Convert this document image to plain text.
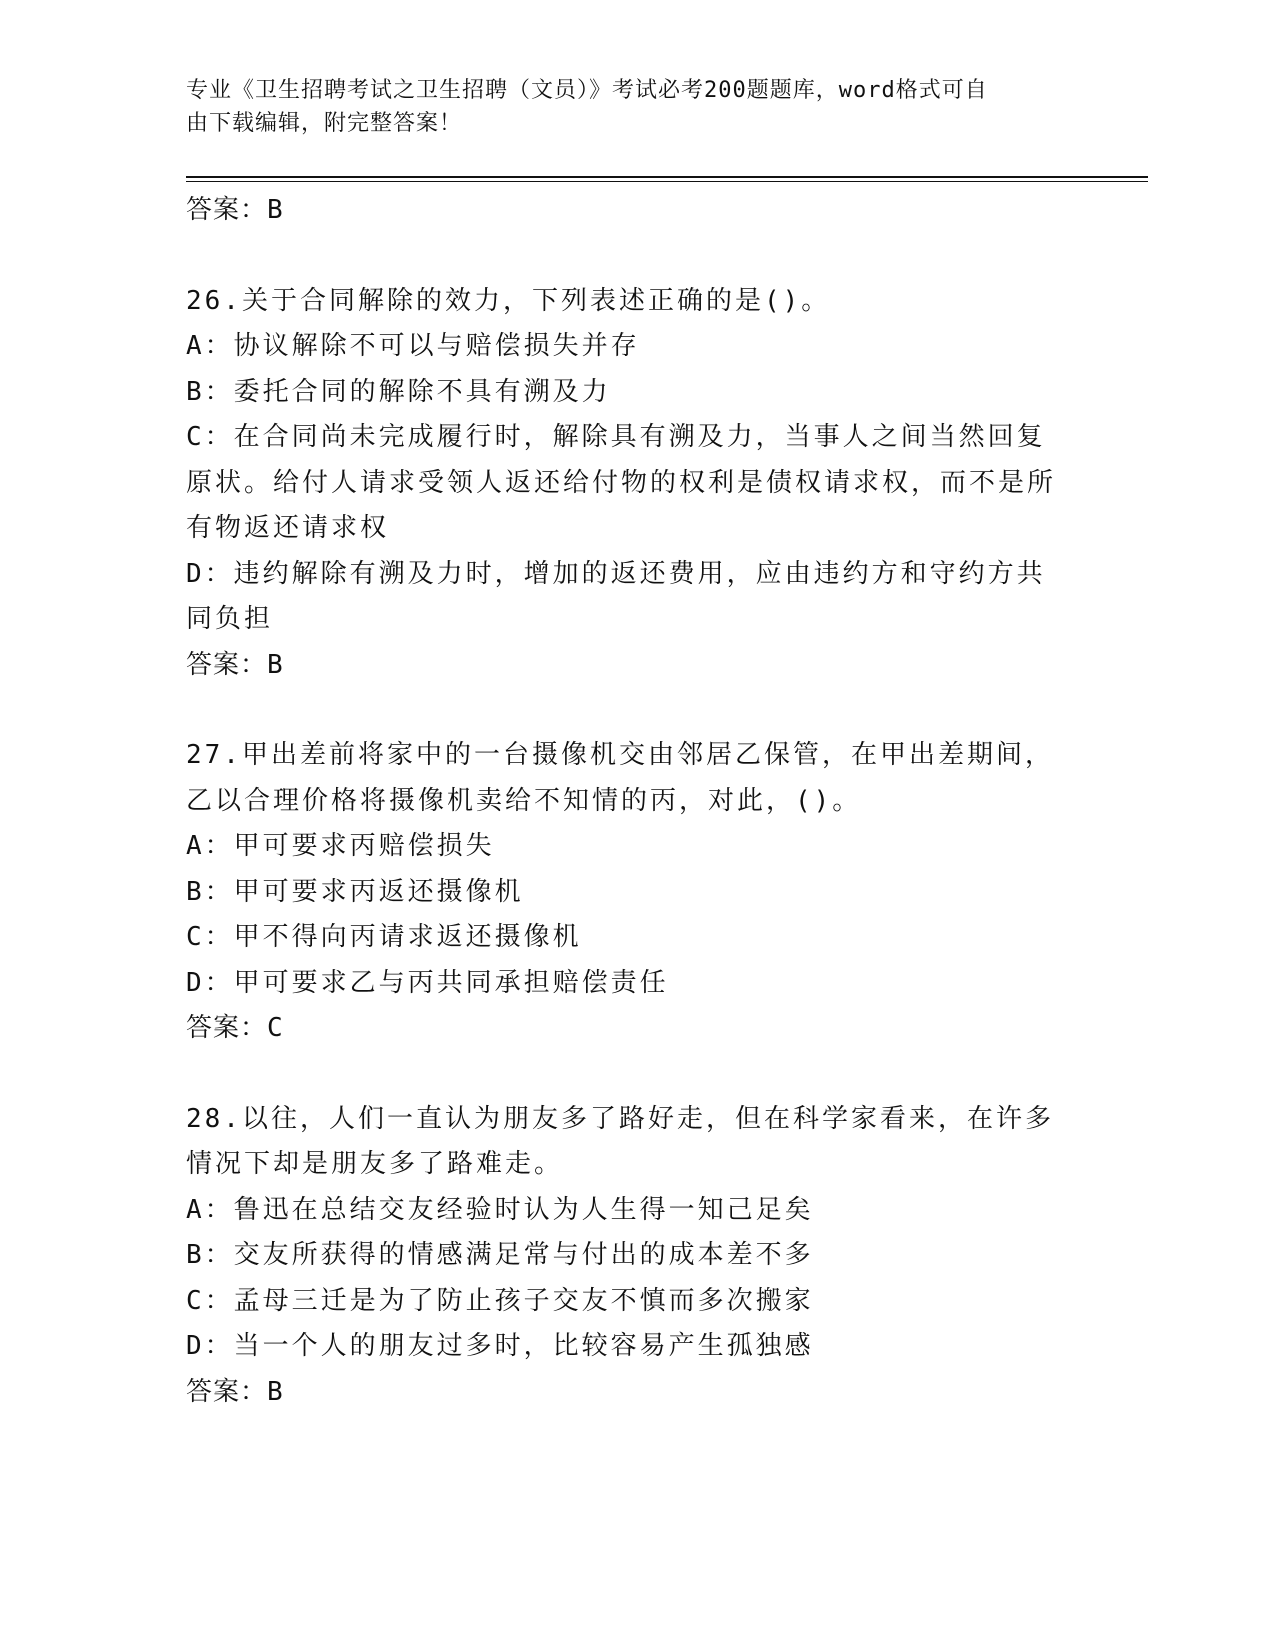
专业《卫生招聘考试之卫生招聘（文员）》考试必考200题题库，word格式可自
由下载编辑，附完整答案！
答案：B
26.关于合同解除的效力，下列表述正确的是()。
A：协议解除不可以与赔偿损失并存
B：委托合同的解除不具有溯及力
C：在合同尚未完成履行时，解除具有溯及力，当事人之间当然回复原状。给付人请求受领人返还给付物的权利是债权请求权，而不是所有物返还请求权
D：违约解除有溯及力时，增加的返还费用，应由违约方和守约方共同负担
答案：B
27.甲出差前将家中的一台摄像机交由邻居乙保管，在甲出差期间，乙以合理价格将摄像机卖给不知情的丙，对此，()。
A：甲可要求丙赔偿损失
B：甲可要求丙返还摄像机
C：甲不得向丙请求返还摄像机
D：甲可要求乙与丙共同承担赔偿责任
答案：C
28.以往，人们一直认为朋友多了路好走，但在科学家看来，在许多情况下却是朋友多了路难走。
A：鲁迅在总结交友经验时认为人生得一知己足矣
B：交友所获得的情感满足常与付出的成本差不多
C：孟母三迁是为了防止孩子交友不慎而多次搬家
D：当一个人的朋友过多时，比较容易产生孤独感
答案：B
